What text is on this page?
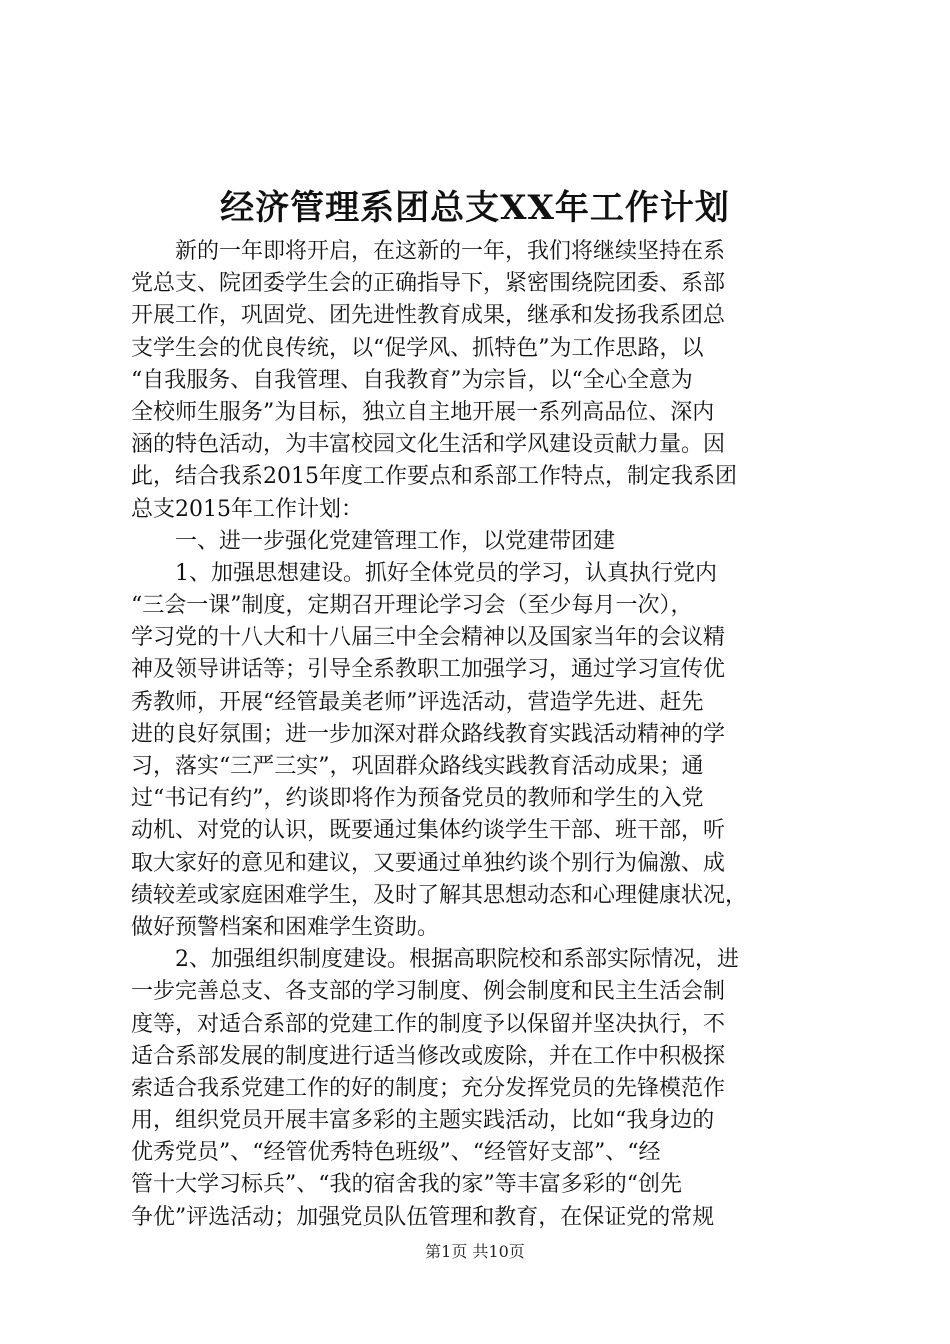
经济管理系团总支XX年工作计划
　　新的一年即将开启，在这新的一年，我们将继续坚持在系
党总支、院团委学生会的正确指导下，紧密围绕院团委、系部
开展工作，巩固党、团先进性教育成果，继承和发扬我系团总
支学生会的优良传统，以“促学风、抓特色”为工作思路，以
“自我服务、自我管理、自我教育”为宗旨，以“全心全意为
全校师生服务”为目标，独立自主地开展一系列高品位、深内
涵的特色活动，为丰富校园文化生活和学风建设贡献力量。因
此，结合我系2015年度工作要点和系部工作特点，制定我系团
总支2015年工作计划：
　　一、进一步强化党建管理工作，以党建带团建
　　1、加强思想建设。抓好全体党员的学习，认真执行党内
“三会一课”制度，定期召开理论学习会（至少每月一次），
学习党的十八大和十八届三中全会精神以及国家当年的会议精
神及领导讲话等；引导全系教职工加强学习，通过学习宣传优
秀教师，开展“经管最美老师”评选活动，营造学先进、赶先
进的良好氛围；进一步加深对群众路线教育实践活动精神的学
习，落实“三严三实”，巩固群众路线实践教育活动成果；通
过“书记有约”，约谈即将作为预备党员的教师和学生的入党
动机、对党的认识，既要通过集体约谈学生干部、班干部，听
取大家好的意见和建议，又要通过单独约谈个别行为偏激、成
绩较差或家庭困难学生，及时了解其思想动态和心理健康状况，
做好预警档案和困难学生资助。
　　2、加强组织制度建设。根据高职院校和系部实际情况，进
一步完善总支、各支部的学习制度、例会制度和民主生活会制
度等，对适合系部的党建工作的制度予以保留并坚决执行，不
适合系部发展的制度进行适当修改或废除，并在工作中积极探
索适合我系党建工作的好的制度；充分发挥党员的先锋模范作
用，组织党员开展丰富多彩的主题实践活动，比如“我身边的
优秀党员”、“经管优秀特色班级”、“经管好支部”、“经
管十大学习标兵”、“我的宿舍我的家”等丰富多彩的“创先
争优”评选活动；加强党员队伍管理和教育，在保证党的常规
第1页 共10页
